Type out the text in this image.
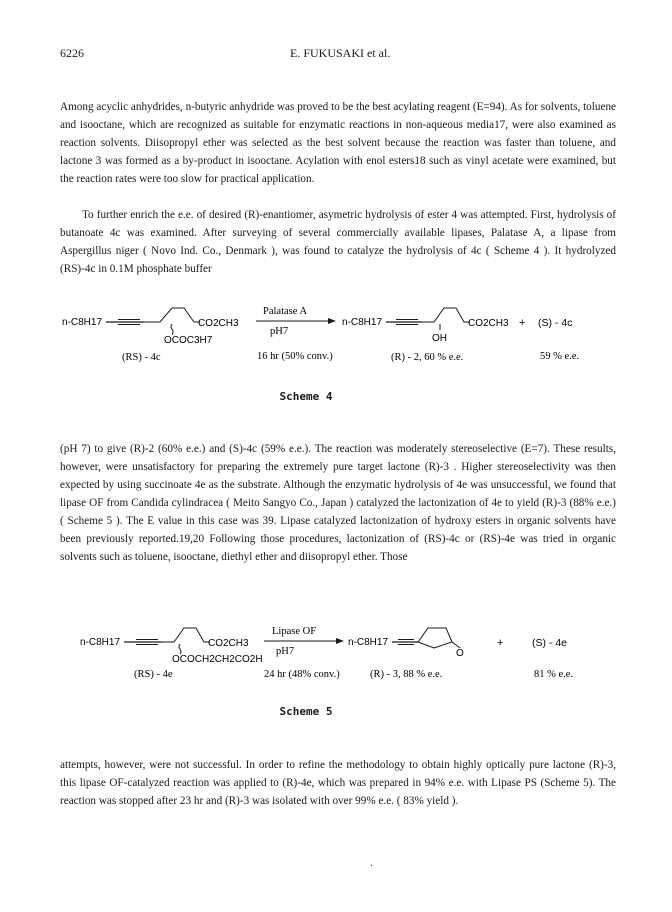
6226	E. FUKUSAKI et al.

Among acyclic anhydrides, n-butyric anhydride was proved to be the best acylating reagent (E=94). As for solvents, toluene and isooctane, which are recognized as suitable for enzymatic reactions in non-aqueous media17, were also examined as reaction solvents. Diisopropyl ether was selected as the best solvent because the reaction was faster than toluene, and lactone 3 was formed as a by-product in isooctane. Acylation with enol esters18 such as vinyl acetate were examined, but the reaction rates were too slow for practical application.

To further enrich the e.e. of desired (R)-enantiomer, asymetric hydrolysis of ester 4 was attempted. First, hydrolysis of butanoate 4c was examined. After surveying of several commercially available lipases, Palatase A, a lipase from Aspergillus niger ( Novo Ind. Co., Denmark ), was found to catalyze the hydrolysis of 4c ( Scheme 4 ). It hydrolyzed (RS)-4c in 0.1M phosphate buffer

n-C8H17	CO2CH3
OCOC3H7
(RS) - 4c
Palatase A
pH7
16 hr (50% conv.)
n-C8H17	CO2CH3
OH
(R) - 2, 60 % e.e.
+ (S) - 4c
59 % e.e.
Scheme 4

(pH 7) to give (R)-2 (60% e.e.) and (S)-4c (59% e.e.). The reaction was moderately stereoselective (E=7). These results, however, were unsatisfactory for preparing the extremely pure target lactone (R)-3 . Higher stereoselectivity was then expected by using succinoate 4e as the substrate. Although the enzymatic hydrolysis of 4e was unsuccessful, we found that lipase OF from Candida cylindracea ( Meito Sangyo Co., Japan ) catalyzed the lactonization of 4e to yield (R)-3 (88% e.e.) ( Scheme 5 ). The E value in this case was 39. Lipase catalyzed lactonization of hydroxy esters in organic solvents have been previously reported.19,20 Following those procedures, lactonization of (RS)-4c or (RS)-4e was tried in organic solvents such as toluene, isooctane, diethyl ether and diisopropyl ether. Those

n-C8H17	CO2CH3
OCOCH2CH2CO2H
(RS) - 4e
Lipase OF
pH7
24 hr (48% conv.)
n-C8H17
O
(R) - 3, 88 % e.e.
+	(S) - 4e
81 % e.e.
Scheme 5

attempts, however, were not successful. In order to refine the methodology to obtain highly optically pure lactone (R)-3, this lipase OF-catalyzed reaction was applied to (R)-4e, which was prepared in 94% e.e. with Lipase PS (Scheme 5). The reaction was stopped after 23 hr and (R)-3 was isolated with over 99% e.e. ( 83% yield ).

.
